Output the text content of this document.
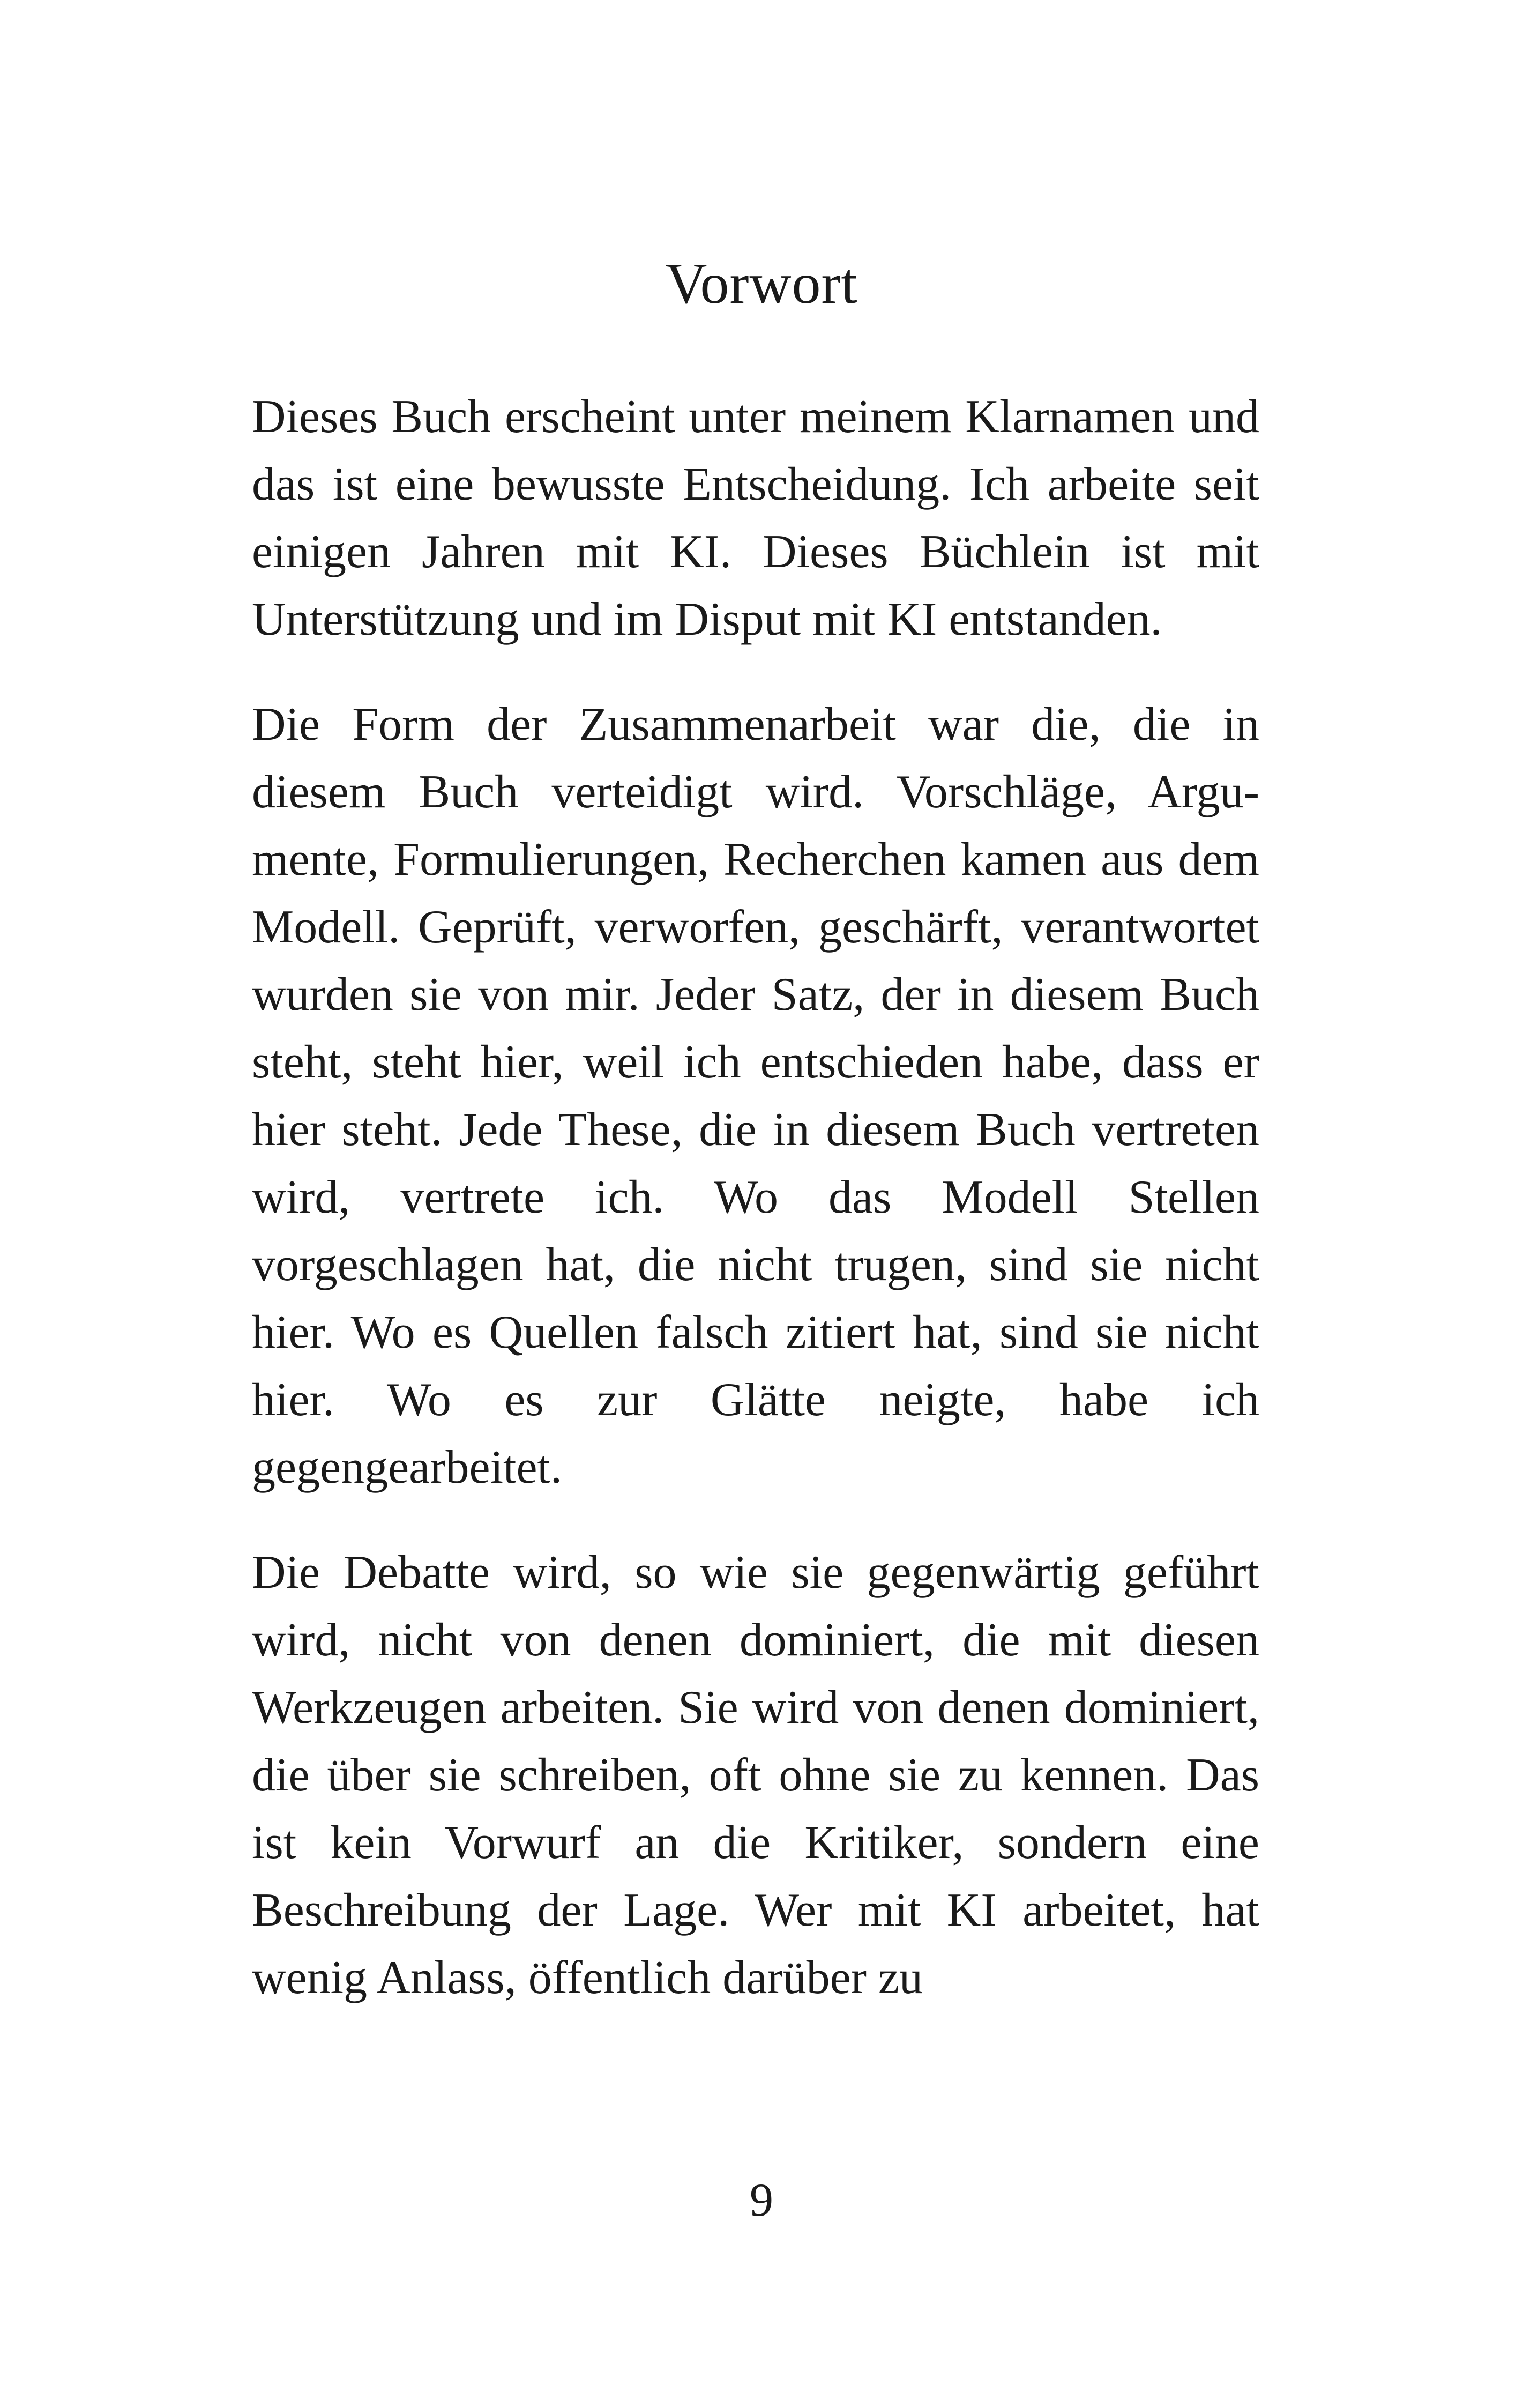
Vorwort

Dieses Buch erscheint unter meinem Klarnamen und das ist eine bewusste Entscheidung. Ich arbeite seit einigen Jahren mit KI. Dieses Büchlein ist mit Unterstützung und im Disput mit KI entstanden.

Die Form der Zusammenarbeit war die, die in diesem Buch verteidigt wird. Vorschläge, Argumente, Formulierungen, Recherchen kamen aus dem Modell. Geprüft, verworfen, geschärft, verantwortet wurden sie von mir. Jeder Satz, der in diesem Buch steht, steht hier, weil ich entschieden habe, dass er hier steht. Jede These, die in diesem Buch vertreten wird, vertrete ich. Wo das Modell Stellen vorgeschlagen hat, die nicht trugen, sind sie nicht hier. Wo es Quellen falsch zitiert hat, sind sie nicht hier. Wo es zur Glätte neigte, habe ich gegengearbeitet.

Die Debatte wird, so wie sie gegenwärtig geführt wird, nicht von denen dominiert, die mit diesen Werkzeugen arbeiten. Sie wird von denen dominiert, die über sie schreiben, oft ohne sie zu kennen. Das ist kein Vorwurf an die Kritiker, sondern eine Beschreibung der Lage. Wer mit KI arbeitet, hat wenig Anlass, öffentlich darüber zu

9
